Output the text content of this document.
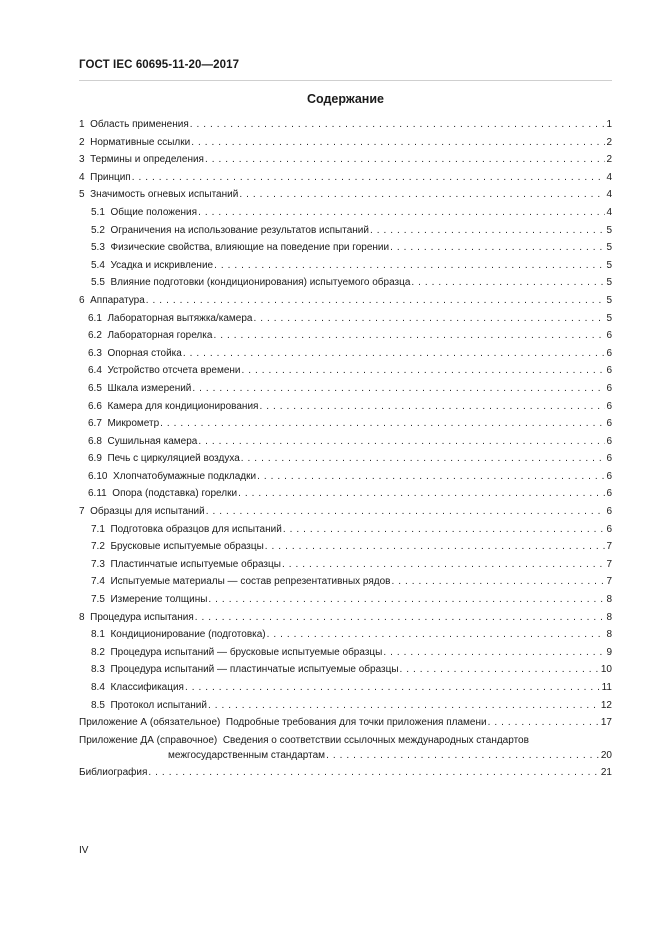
ГОСТ IEC 60695-11-20—2017
Содержание
1 Область применения . . .	1
2 Нормативные ссылки . . .	2
3 Термины и определения . . .	2
4 Принцип . . .	4
5 Значимость огневых испытаний . . .	4
5.1 Общие положения . . .	4
5.2 Ограничения на использование результатов испытаний . . .	5
5.3 Физические свойства, влияющие на поведение при горении . . .	5
5.4 Усадка и искривление . . .	5
5.5 Влияние подготовки (кондиционирования) испытуемого образца . . .	5
6 Аппаратура . . .	5
6.1 Лабораторная вытяжка/камера . . .	5
6.2 Лабораторная горелка . . .	6
6.3 Опорная стойка . . .	6
6.4 Устройство отсчета времени . . .	6
6.5 Шкала измерений . . .	6
6.6 Камера для кондиционирования . . .	6
6.7 Микрометр . . .	6
6.8 Сушильная камера . . .	6
6.9 Печь с циркуляцией воздуха . . .	6
6.10 Хлопчатобумажные подкладки . . .	6
6.11 Опора (подставка) горелки . . .	6
7 Образцы для испытаний . . .	6
7.1 Подготовка образцов для испытаний . . .	6
7.2 Брусковые испытуемые образцы . . .	7
7.3 Пластинчатые испытуемые образцы . . .	7
7.4 Испытуемые материалы — состав репрезентативных рядов . . .	7
7.5 Измерение толщины . . .	8
8 Процедура испытания . . .	8
8.1 Кондиционирование (подготовка) . . .	8
8.2 Процедура испытаний — брусковые испытуемые образцы . . .	9
8.3 Процедура испытаний — пластинчатые испытуемые образцы . . .	10
8.4 Классификация . . .	11
8.5 Протокол испытаний . . .	12
Приложение А (обязательное) Подробные требования для точки приложения пламени . . .	17
Приложение ДА (справочное) Сведения о соответствии ссылочных международных стандартов
межгосударственным стандартам . . .	20
Библиография . . .	21
IV
